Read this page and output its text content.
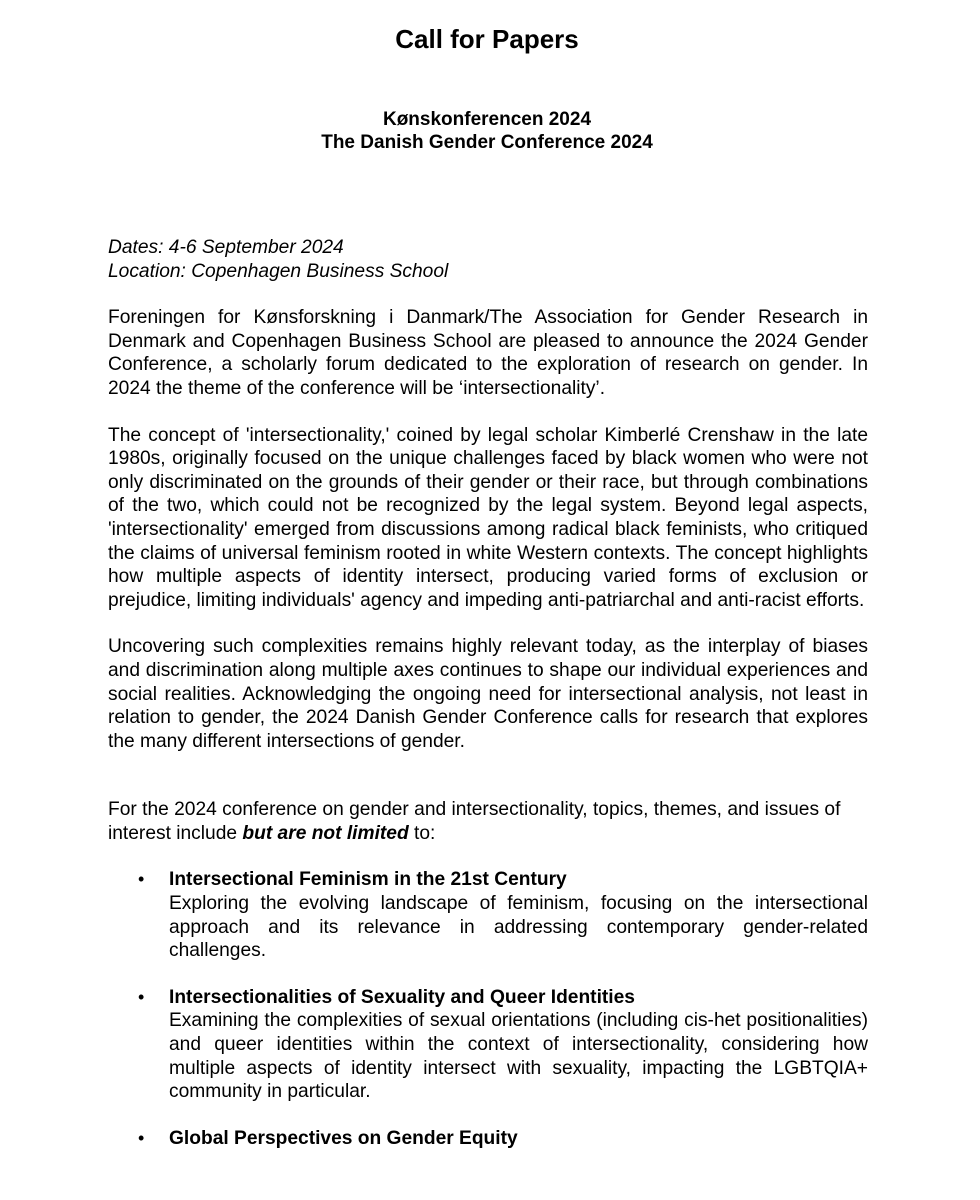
Call for Papers
Kønskonferencen 2024
The Danish Gender Conference 2024
Dates: 4-6 September 2024
Location: Copenhagen Business School

Foreningen for Kønsforskning i Danmark/The Association for Gender Research in Denmark and Copenhagen Business School are pleased to announce the 2024 Gender Conference, a scholarly forum dedicated to the exploration of research on gender. In 2024 the theme of the conference will be ‘intersectionality’.

The concept of 'intersectionality,' coined by legal scholar Kimberlé Crenshaw in the late 1980s, originally focused on the unique challenges faced by black women who were not only discriminated on the grounds of their gender or their race, but through combinations of the two, which could not be recognized by the legal system. Beyond legal aspects, 'intersectionality' emerged from discussions among radical black feminists, who critiqued the claims of universal feminism rooted in white Western contexts. The concept highlights how multiple aspects of identity intersect, producing varied forms of exclusion or prejudice, limiting individuals' agency and impeding anti-patriarchal and anti-racist efforts.

Uncovering such complexities remains highly relevant today, as the interplay of biases and discrimination along multiple axes continues to shape our individual experiences and social realities. Acknowledging the ongoing need for intersectional analysis, not least in relation to gender, the 2024 Danish Gender Conference calls for research that explores the many different intersections of gender.

For the 2024 conference on gender and intersectionality, topics, themes, and issues of interest include but are not limited to:

• Intersectional Feminism in the 21st Century
Exploring the evolving landscape of feminism, focusing on the intersectional approach and its relevance in addressing contemporary gender-related challenges.
• Intersectionalities of Sexuality and Queer Identities
Examining the complexities of sexual orientations (including cis-het positionalities) and queer identities within the context of intersectionality, considering how multiple aspects of identity intersect with sexuality, impacting the LGBTQIA+ community in particular.
• Global Perspectives on Gender Equity
